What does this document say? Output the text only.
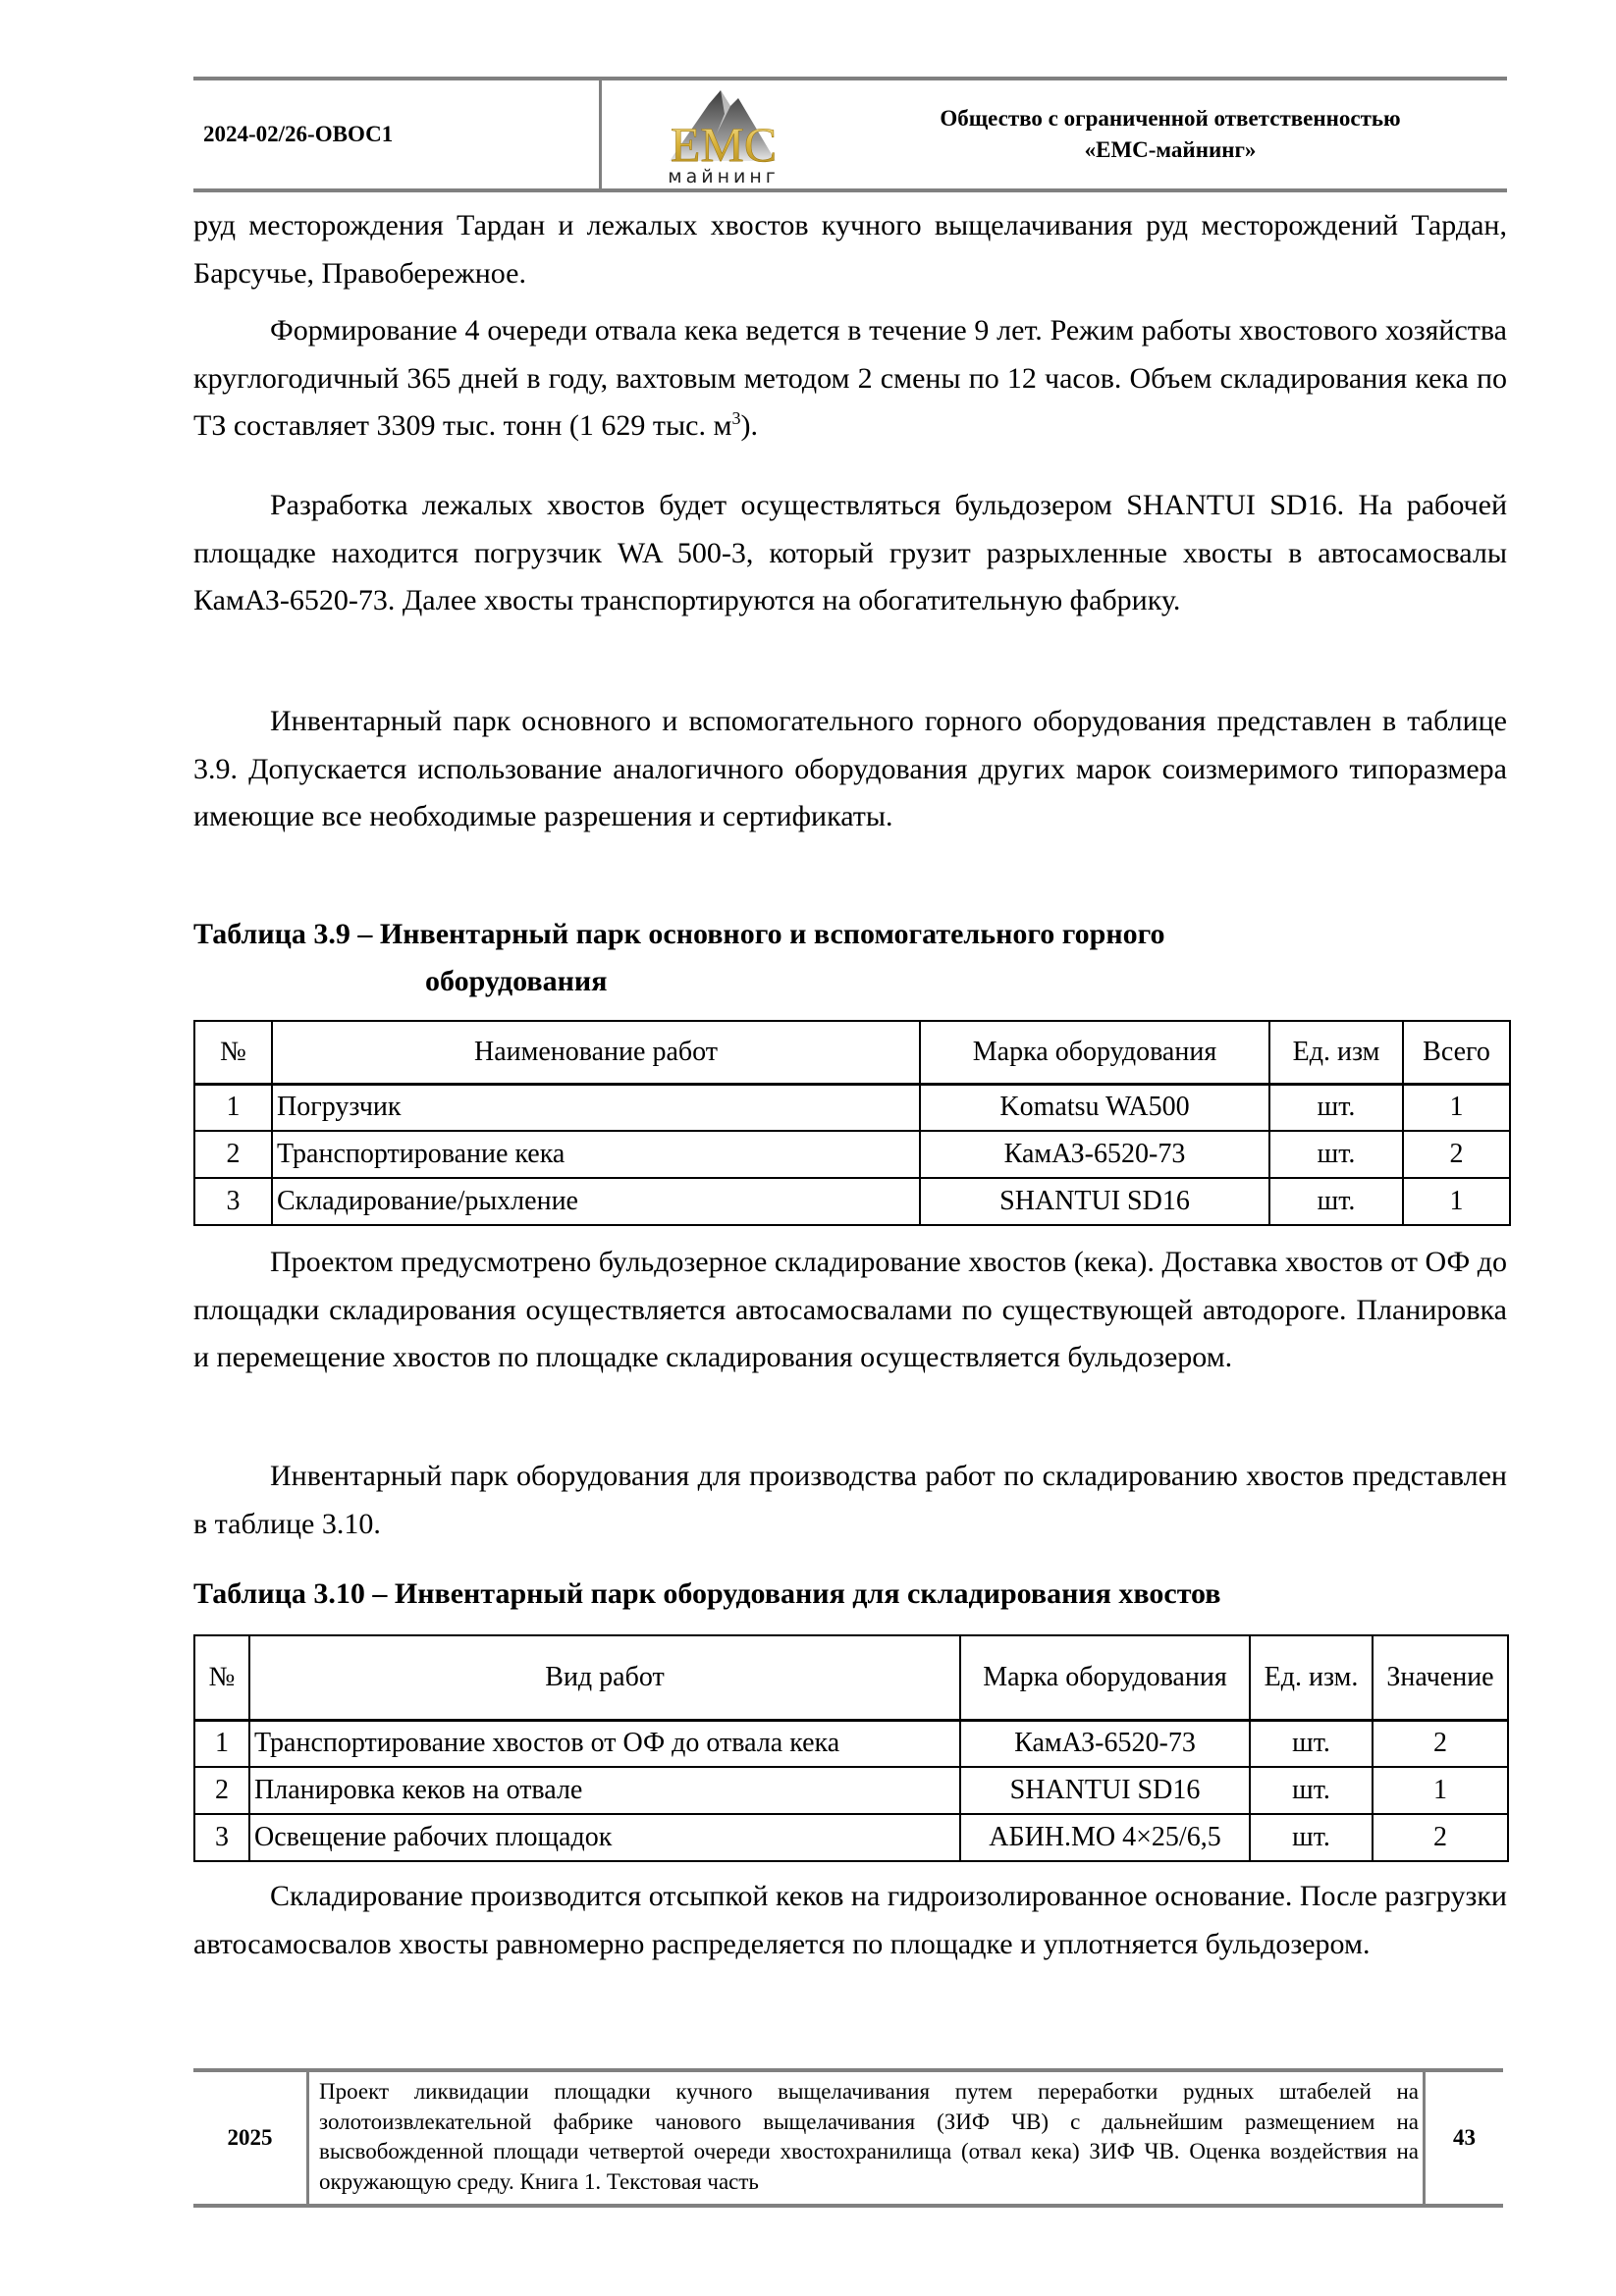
2024-02/26-ОВОС1	EMC
майнинг
Общество с ограниченной ответственностью
«ЕМС-майнинг»

руд месторождения Тардан и лежалых хвостов кучного выщелачивания руд месторождений Тардан, Барсучье, Правобережное.

Формирование 4 очереди отвала кека ведется в течение 9 лет. Режим работы хвостового хозяйства круглогодичный 365 дней в году, вахтовым методом 2 смены по 12 часов. Объем складирования кека по ТЗ составляет 3309 тыс. тонн (1 629 тыс. $м^3$).

Разработка лежалых хвостов будет осуществляться бульдозером SHANTUI SD16. На рабочей площадке находится погрузчик WA 500-3, который грузит разрыхленные хвосты в автосамосвалы КамАЗ-6520-73. Далее хвосты транспортируются на обогатительную фабрику.

Инвентарный парк основного и вспомогательного горного оборудования представлен в таблице 3.9. Допускается использование аналогичного оборудования других марок соизмеримого типоразмера имеющие все необходимые разрешения и сертификаты.

Таблица 3.9 – Инвентарный парк основного и вспомогательного горного
оборудования

№	Наименование работ	Марка оборудования	Ед. изм	Всего
1	Погрузчик	Komatsu WA500	шт.	1
2	Транспортирование кека	КамАЗ-6520-73	шт.	2
3	Складирование/рыхление	SHANTUI SD16	шт.	1

Проектом предусмотрено бульдозерное складирование хвостов (кека). Доставка хвостов от ОФ до площадки складирования осуществляется автосамосвалами по существующей автодороге. Планировка и перемещение хвостов по площадке складирования осуществляется бульдозером.

Инвентарный парк оборудования для производства работ по складированию хвостов представлен в таблице 3.10.

Таблица 3.10 – Инвентарный парк оборудования для складирования хвостов

№	Вид работ	Марка оборудования	Ед. изм.	Значение
1	Транспортирование хвостов от ОФ до отвала кека	КамАЗ-6520-73	шт.	2
2	Планировка кеков на отвале	SHANTUI SD16	шт.	1
3	Освещение рабочих площадок	АБИН.МО 4×25/6,5	шт.	2

Складирование производится отсыпкой кеков на гидроизолированное основание. После разгрузки автосамосвалов хвосты равномерно распределяется по площадке и уплотняется бульдозером.

2025
Проект ликвидации площадки кучного выщелачивания путем переработки рудных штабелей на золотоизвлекательной фабрике чанового выщелачивания (ЗИФ ЧВ) с дальнейшим размещением на высвобожденной площади четвертой очереди хвостохранилища (отвал кека) ЗИФ ЧВ. Оценка воздействия на окружающую среду. Книга 1. Текстовая часть
43
